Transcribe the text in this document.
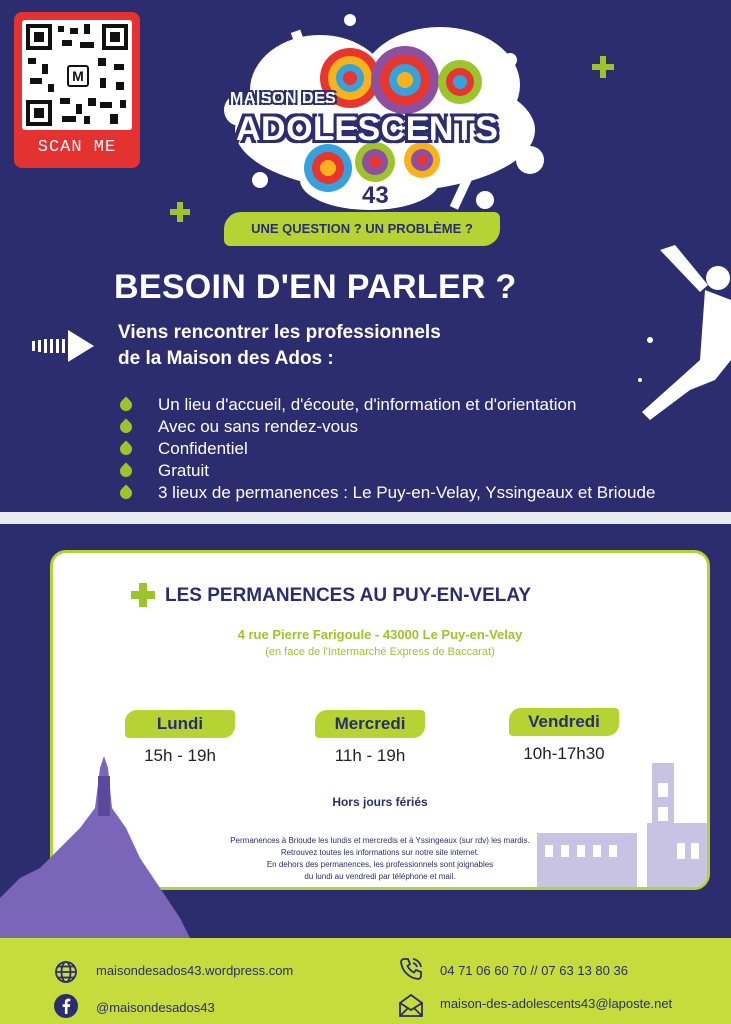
M
SCAN ME
MAISON DES
ADOLESCENTS
43
UNE QUESTION ? UN PROBLÈME ?
BESOIN D'EN PARLER ?
Viens rencontrer les professionnels
de la Maison des Ados :
Un lieu d'accueil, d'écoute, d'information et d'orientation
Avec ou sans rendez-vous
Confidentiel
Gratuit
3 lieux de permanences : Le Puy-en-Velay, Yssingeaux et Brioude
LES PERMANENCES AU PUY-EN-VELAY
4 rue Pierre Farigoule - 43000 Le Puy-en-Velay
(en face de l'Intermarché Express de Baccarat)
Lundi
15h - 19h
Mercredi
11h - 19h
Vendredi
10h-17h30
Hors jours fériés
Permanences à Brioude les lundis et mercredis et à Yssingeaux (sur rdv) les mardis.
Retrouvez toutes les informations sur notre site internet.
En dehors des permanences, les professionnels sont joignables
du lundi au vendredi par téléphone et mail.
maisondesados43.wordpress.com
@maisondesados43
04 71 06 60 70 // 07 63 13 80 36
maison-des-adolescents43@laposte.net
